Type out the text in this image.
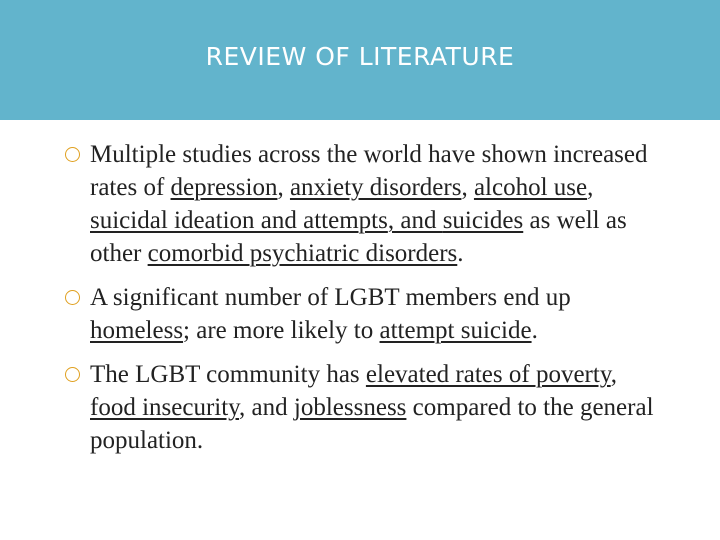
REVIEW OF LITERATURE
Multiple studies across the world have shown increased rates of depression, anxiety disorders, alcohol use, suicidal ideation and attempts, and suicides as well as other comorbid psychiatric disorders.
A significant number of LGBT members end up homeless; are more likely to attempt suicide.
The LGBT community has elevated rates of poverty, food insecurity, and joblessness compared to the general population.
